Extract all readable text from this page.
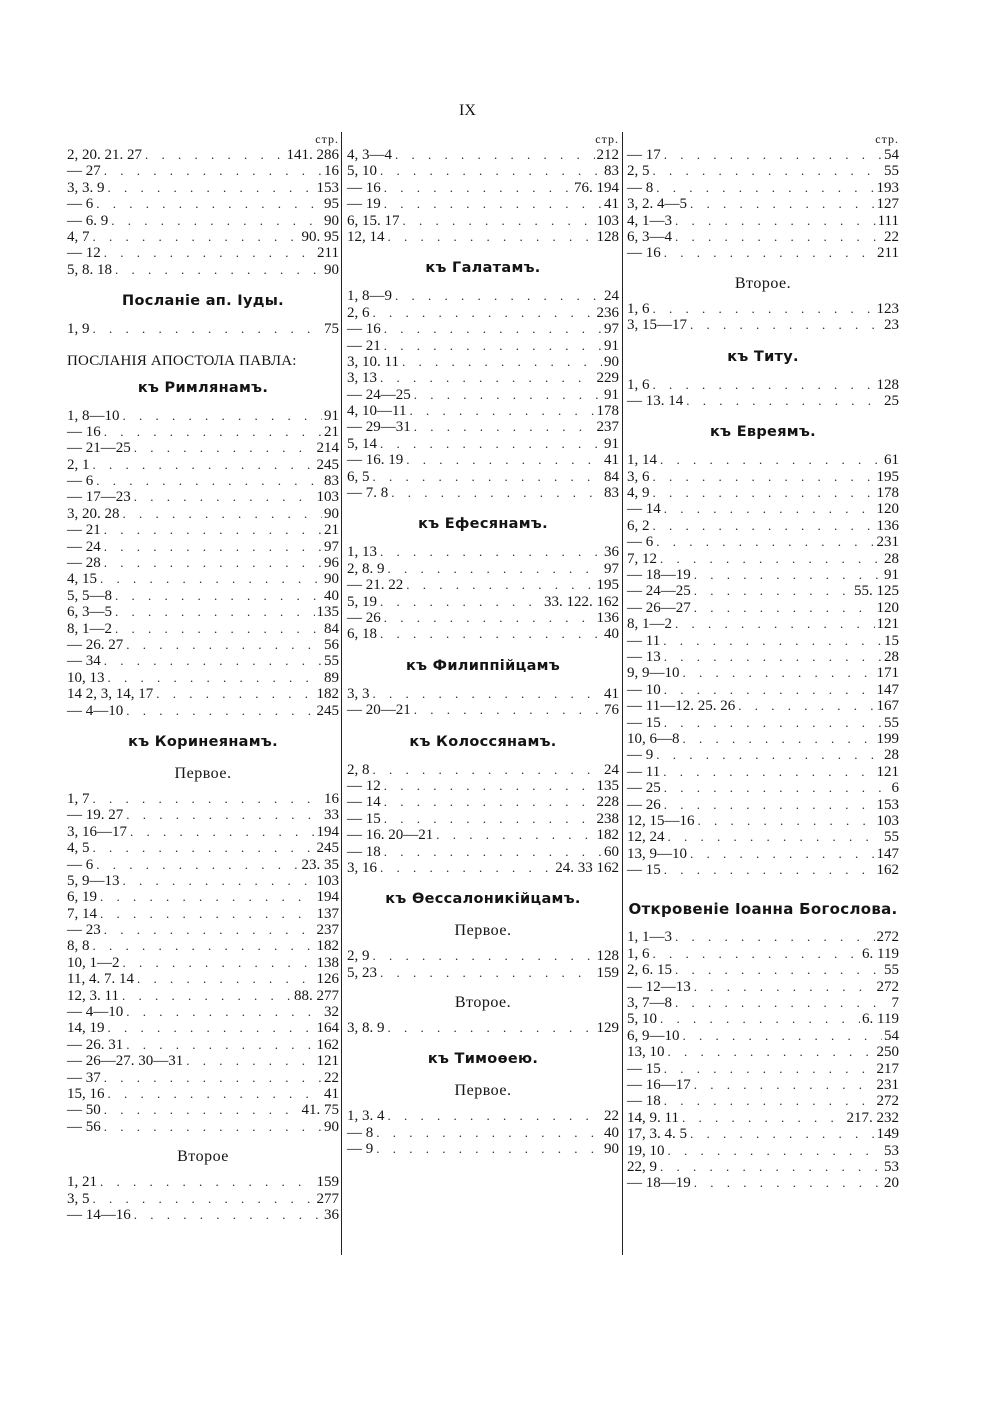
IX
стр.
2, 20. 21. 27 . . .	141. 286
— 27 . . .	16
3, 3. 9 . . .	153
— 6 . . .	95
— 6. 9 . . .	90
4, 7 . . .	90. 95
— 12 . . .	211
5, 8. 18 . . .	90
Посланіе ап. Іуды.
1, 9 . . .	75
ПОСЛАНІЯ АПОСТОЛА ПАВЛА:
къ Римлянамъ.
1, 8—10 . . .	91
— 16 . . .	21
— 21—25 . . .	214
2, 1 . . .	245
— 6 . . .	83
— 17—23 . . .	103
3, 20. 28 . . .	90
— 21 . . .	21
— 24 . . .	97
— 28 . . .	96
4, 15 . . .	90
5, 5—8 . . .	40
6, 3—5 . . .	135
8, 1—2 . . .	84
— 26. 27 . . .	56
— 34 . . .	55
10, 13 . . .	89
14 2, 3, 14, 17 . . .	182
— 4—10 . . .	245
къ Коринеянамъ.
Первое.
1, 7 . . .	16
— 19. 27 . . .	33
3, 16—17 . . .	194
4, 5 . . .	245
— 6 . . .	23. 35
5, 9—13 . . .	103
6, 19 . . .	194
7, 14 . . .	137
— 23 . . .	237
8, 8 . . .	182
10, 1—2 . . .	138
11, 4. 7. 14 . . .	126
12, 3. 11 . . .	88. 277
— 4—10 . . .	32
14, 19 . . .	164
— 26. 31 . . .	162
— 26—27. 30—31 . . .	121
— 37 . . .	22
15, 16 . . .	41
— 50 . . .	41. 75
— 56 . . .	90
Второе
1, 21 . . .	159
3, 5 . . .	277
— 14—16 . . .	36
стр.
4, 3—4 . . .	212
5, 10 . . .	83
— 16 . . .	76. 194
— 19 . . .	41
6, 15. 17 . . .	103
12, 14 . . .	128
къ Галатамъ.
1, 8—9 . . .	24
2, 6 . . .	236
— 16 . . .	97
— 21 . . .	91
3, 10. 11 . . .	90
3, 13 . . .	229
— 24—25 . . .	91
4, 10—11 . . .	178
— 29—31 . . .	237
5, 14 . . .	91
— 16. 19 . . .	41
6, 5 . . .	84
— 7. 8 . . .	83
къ Ефесянамъ.
1, 13 . . .	36
2, 8. 9 . . .	97
— 21. 22 . . .	195
5, 19 . . .	33. 122. 162
— 26 . . .	136
6, 18 . . .	40
къ Филиппійцамъ
3, 3 . . .	41
— 20—21 . . .	76
къ Колоссянамъ.
2, 8 . . .	24
— 12 . . .	135
— 14 . . .	228
— 15 . . .	238
— 16. 20—21 . . .	182
— 18 . . .	60
3, 16 . . .	24. 33 162
къ Ѳессалоникійцамъ.
Первое.
2, 9 . . .	128
5, 23 . . .	159
Второе.
3, 8. 9 . . .	129
къ Тимоѳею.
Первое.
1, 3. 4 . . .	22
— 8 . . .	40
— 9 . . .	90
стр.
— 17 . . .	54
2, 5 . . .	55
— 8 . . .	193
3, 2. 4—5 . . .	127
4, 1—3 . . .	111
6, 3—4 . . .	22
— 16 . . .	211
Второе.
1, 6 . . .	123
3, 15—17 . . .	23
къ Титу.
1, 6 . . .	128
— 13. 14 . . .	25
къ Евреямъ.
1, 14 . . .	61
3, 6 . . .	195
4, 9 . . .	178
— 14 . . .	120
6, 2 . . .	136
— 6 . . .	231
7, 12 . . .	28
— 18—19 . . .	91
— 24—25 . . .	55. 125
— 26—27 . . .	120
8, 1—2 . . .	121
— 11 . . .	15
— 13 . . .	28
9, 9—10 . . .	171
— 10 . . .	147
— 11—12. 25. 26 . . .	167
— 15 . . .	55
10, 6—8 . . .	199
— 9 . . .	28
— 11 . . .	121
— 25 . . .	6
— 26 . . .	153
12, 15—16 . . .	103
12, 24 . . .	55
13, 9—10 . . .	147
— 15 . . .	162
Откровеніе Іоанна Богослова.
1, 1—3 . . .	272
1, 6 . . .	6. 119
2, 6. 15 . . .	55
— 12—13 . . .	272
3, 7—8 . . .	7
5, 10 . . .	6. 119
6, 9—10 . . .	54
13, 10 . . .	250
— 15 . . .	217
— 16—17 . . .	231
— 18 . . .	272
14, 9. 11 . . .	217. 232
17, 3. 4. 5 . . .	149
19, 10 . . .	53
22, 9 . . .	53
— 18—19 . . .	20
